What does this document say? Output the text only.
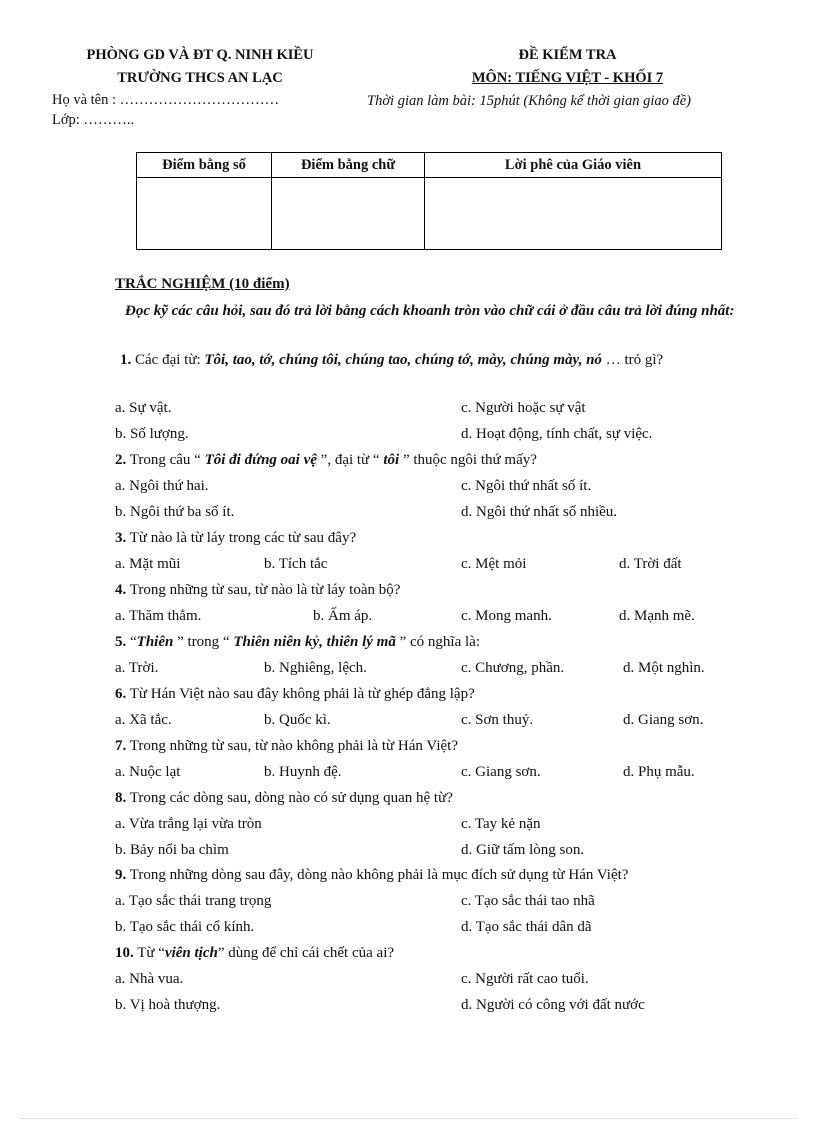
PHÒNG GD VÀ ĐT Q. NINH KIỀU
TRƯỜNG THCS AN LẠC
Họ và tên : ……………………………
Lớp: ………..
ĐỀ KIỂM TRA
MÔN: TIẾNG VIỆT - KHỐI 7
Thời gian làm bài: 15phút (Không kể thời gian giao đề)
Điểm bằng số	Điểm bằng chữ	Lời phê của Giáo viên

TRẮC NGHIỆM (10 điểm)
Đọc kỹ các câu hỏi, sau đó trả lời bằng cách khoanh tròn vào chữ cái ở đầu câu trả lời đúng nhất:
1. Các đại từ: Tôi, tao, tớ, chúng tôi, chúng tao, chúng tớ, mày, chúng mày, nó … trỏ gì?
a. Sự vật.	c. Người hoặc sự vật
b. Số lượng.	d. Hoạt động, tính chất, sự việc.
2. Trong câu “ Tôi đi đứng oai vệ ”, đại từ “ tôi ” thuộc ngôi thứ mấy?
a. Ngôi thứ hai.	c. Ngôi thứ nhất số ít.
b. Ngôi thứ ba số ít.	d. Ngôi thứ nhất số nhiều.
3. Từ nào là từ láy trong các từ sau đây?
a. Mặt mũi	b. Tích tắc	c. Mệt mỏi	d. Trời đất
4. Trong những từ sau, từ nào là từ láy toàn bộ?
a. Thăm thẳm.	b. Ấm áp.	c. Mong manh.	d. Mạnh mẽ.
5. “Thiên ” trong “ Thiên niên kỷ, thiên lý mã ” có nghĩa là:
a. Trời.	b. Nghiêng, lệch.	c. Chương, phần.	d. Một nghìn.
6. Từ Hán Việt nào sau đây không phải là từ ghép đẳng lập?
a. Xã tắc.	b. Quốc kì.	c. Sơn thuỷ.	d. Giang sơn.
7. Trong những từ sau, từ nào không phải là từ Hán Việt?
a. Nuộc lạt	b. Huynh đệ.	c. Giang sơn.	d. Phụ mẫu.
8. Trong các dòng sau, dòng nào có sử dụng quan hệ từ?
a. Vừa trắng lại vừa tròn	c. Tay kẻ nặn
b. Bảy nổi ba chìm	d. Giữ tấm lòng son.
9. Trong những dòng sau đây, dòng nào không phải là mục đích sử dụng từ Hán Việt?
a. Tạo sắc thái trang trọng	c. Tạo sắc thái tao nhã
b. Tạo sắc thái cổ kính.	d. Tạo sắc thái dân dã
10. Từ “viên tịch” dùng để chỉ cái chết của ai?
a. Nhà vua.	c. Người rất cao tuổi.
b. Vị hoà thượng.	d. Người có công với đất nước
